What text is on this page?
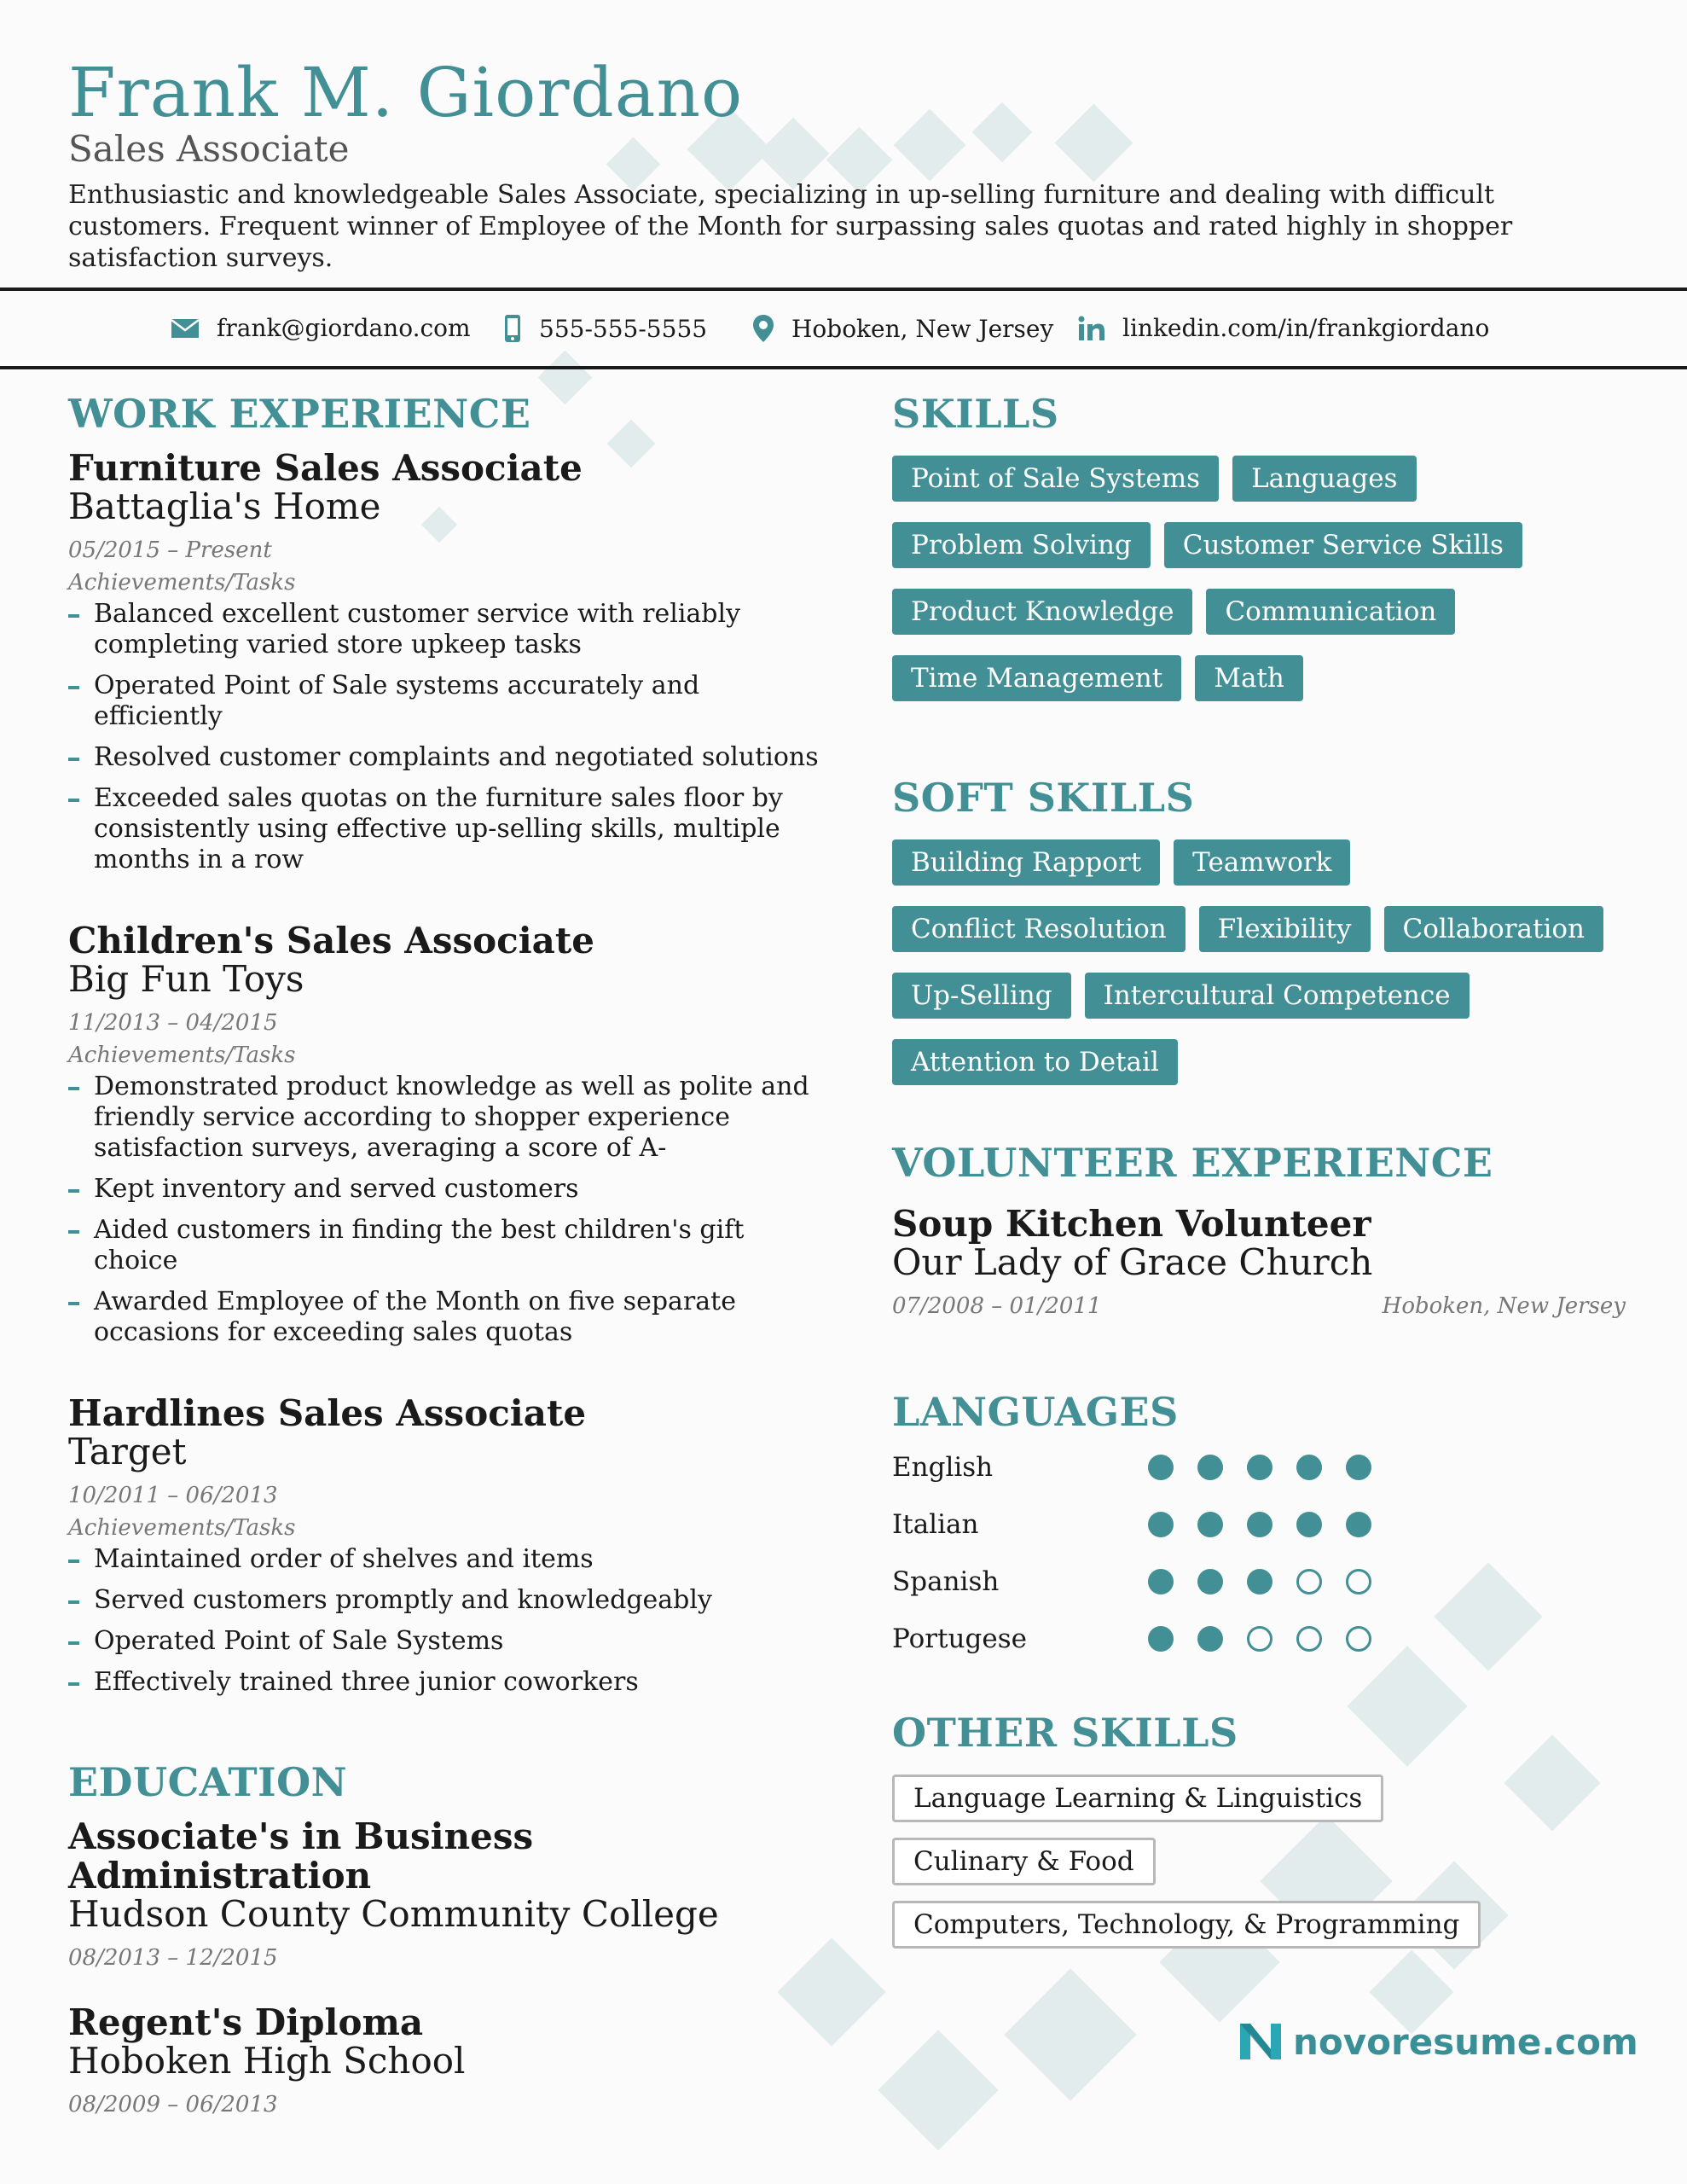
Frank M. Giordano
Sales Associate
Enthusiastic and knowledgeable Sales Associate, specializing in up-selling furniture and dealing with difficult customers. Frequent winner of Employee of the Month for surpassing sales quotas and rated highly in shopper satisfaction surveys.
frank@giordano.com	555-555-5555	Hoboken, New Jersey	linkedin.com/in/frankgiordano
WORK EXPERIENCE
Furniture Sales Associate
Battaglia's Home
05/2015 – Present
Achievements/Tasks
Balanced excellent customer service with reliably completing varied store upkeep tasks
Operated Point of Sale systems accurately and efficiently
Resolved customer complaints and negotiated solutions
Exceeded sales quotas on the furniture sales floor by consistently using effective up-selling skills, multiple months in a row
Children's Sales Associate
Big Fun Toys
11/2013 – 04/2015
Achievements/Tasks
Demonstrated product knowledge as well as polite and friendly service according to shopper experience satisfaction surveys, averaging a score of A-
Kept inventory and served customers
Aided customers in finding the best children's gift choice
Awarded Employee of the Month on five separate occasions for exceeding sales quotas
Hardlines Sales Associate
Target
10/2011 – 06/2013
Achievements/Tasks
Maintained order of shelves and items
Served customers promptly and knowledgeably
Operated Point of Sale Systems
Effectively trained three junior coworkers
EDUCATION
Associate's in Business Administration
Hudson County Community College
08/2013 – 12/2015
Regent's Diploma
Hoboken High School
08/2009 – 06/2013
SKILLS
Point of Sale Systems	Languages
Problem Solving	Customer Service Skills
Product Knowledge	Communication
Time Management	Math
SOFT SKILLS
Building Rapport	Teamwork
Conflict Resolution	Flexibility	Collaboration
Up-Selling	Intercultural Competence
Attention to Detail
VOLUNTEER EXPERIENCE
Soup Kitchen Volunteer
Our Lady of Grace Church
07/2008 – 01/2011	Hoboken, New Jersey
LANGUAGES
English
Italian
Spanish
Portugese
OTHER SKILLS
Language Learning & Linguistics
Culinary & Food
Computers, Technology, & Programming
novoresume.com
